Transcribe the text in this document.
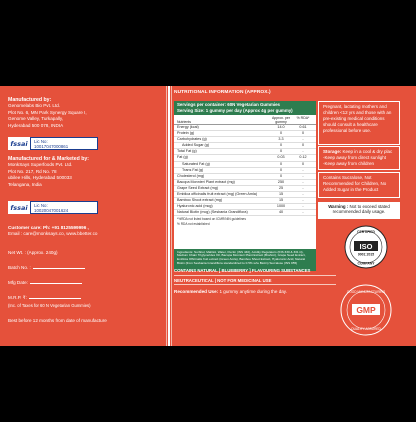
Manufactured by:
Genomelabs Bio Pvt. Ltd.
Plot No. 6, MN Park Synergy Square I,
Genome Valley, Turkapally,
Hyderabad 500 078, INDIA
fssai	Lic No:
10017047000861
Manufactured for & Marketed by:
MonkSays Superfoods Pvt. Ltd.
Plot No. 217, Rd No. 78
ubilee Hills, Hyderabad 500033
Telangana, India
fssai	Lic No:
10020047001624
Customer care: Ph: +91 8125599996 ,
Email : care@monksays.co, www.bbetter.co
Net Wt. : (Approx. 240g)
Batch No. :
Mfg Date:
M.R.P. ₹:
(Inc. of Taxes for 60 N Vegetarian Gummies)
Best before 12 months from date of manufacture
NUTRITIONAL INFORMATION (APPROX.)
Servings per container: 60N Vegetarian Gummies
Serving Size: 1 gummy per day (Approx 4g per gummy)
Nutrients
Approx. per gummy
% RDA*
Energy (kcal)	14.0	0.61
Protein (g)	0	0
Carbohydrates (g)	3.3	-
Added Sugar (g)	0	0
Total Fat (g)	0	-
Fat (g)	0.03	0.12
Saturated Fat (g)	0	0
Trans Fat (g)	0	-
Cholesterol (mg)	0	-
Bacopa Monnieri Plant extract (mg)	250	-
Grape Seed Extract (mg)	25	-
Emblica officinalis fruit extract (mg) (Green Amla)	15	-
Bamboo Shoot extract (mg)	15	-
Hyaluronic acid (mcg)	1000	-
Natural Biotin (mcg) (Sesbania Grandiflora)	40	-
*%RDA not listed based on ICMR/NIN guidelines
% RDA not established
Ingredients: Sorbitol, Maltitol, Water, Pectin (INS 440), Acidity Regulators (INS 330 & 331 iii), Medium Chain Triglycerides Oil, Bacopa Monnieri Plant Extract (Brahmi), Grape Seed Extract, Emblica Officinalis fruit extract (Green Amla), Bamboo Shoot Extract, Hyaluronic Acid, Natural Biotin (from Sesbania Grandiflora standardized to 0.5% w/w Biotin) Sucralose (INS 955)
Pregnant, lactating mothers and children <12 yrs and those with an pre-existing medical conditions should consult a healthcare professional before use.
Storage: Keep in a cool & dry plac
-Keep away from direct sunlight
-Keep away from children
Contains Sucralose, Not Recommended for Children, No Added Sugar in the Product
Warning : Not to exceed stated recommended daily usage.
CONTAINS NATURAL [ BLUEBERRY ] FLAVOURING SUBSTANCES
NEUTRACEUTICAL | NOT FOR MEDICINAL USE
Recommended Use: 1 gummy anytime during the day.
CERTIFIED
ISO
9001:2015
COMPANY
GOOD MANUFACTURING
GMP
QUALITY ASSURED
